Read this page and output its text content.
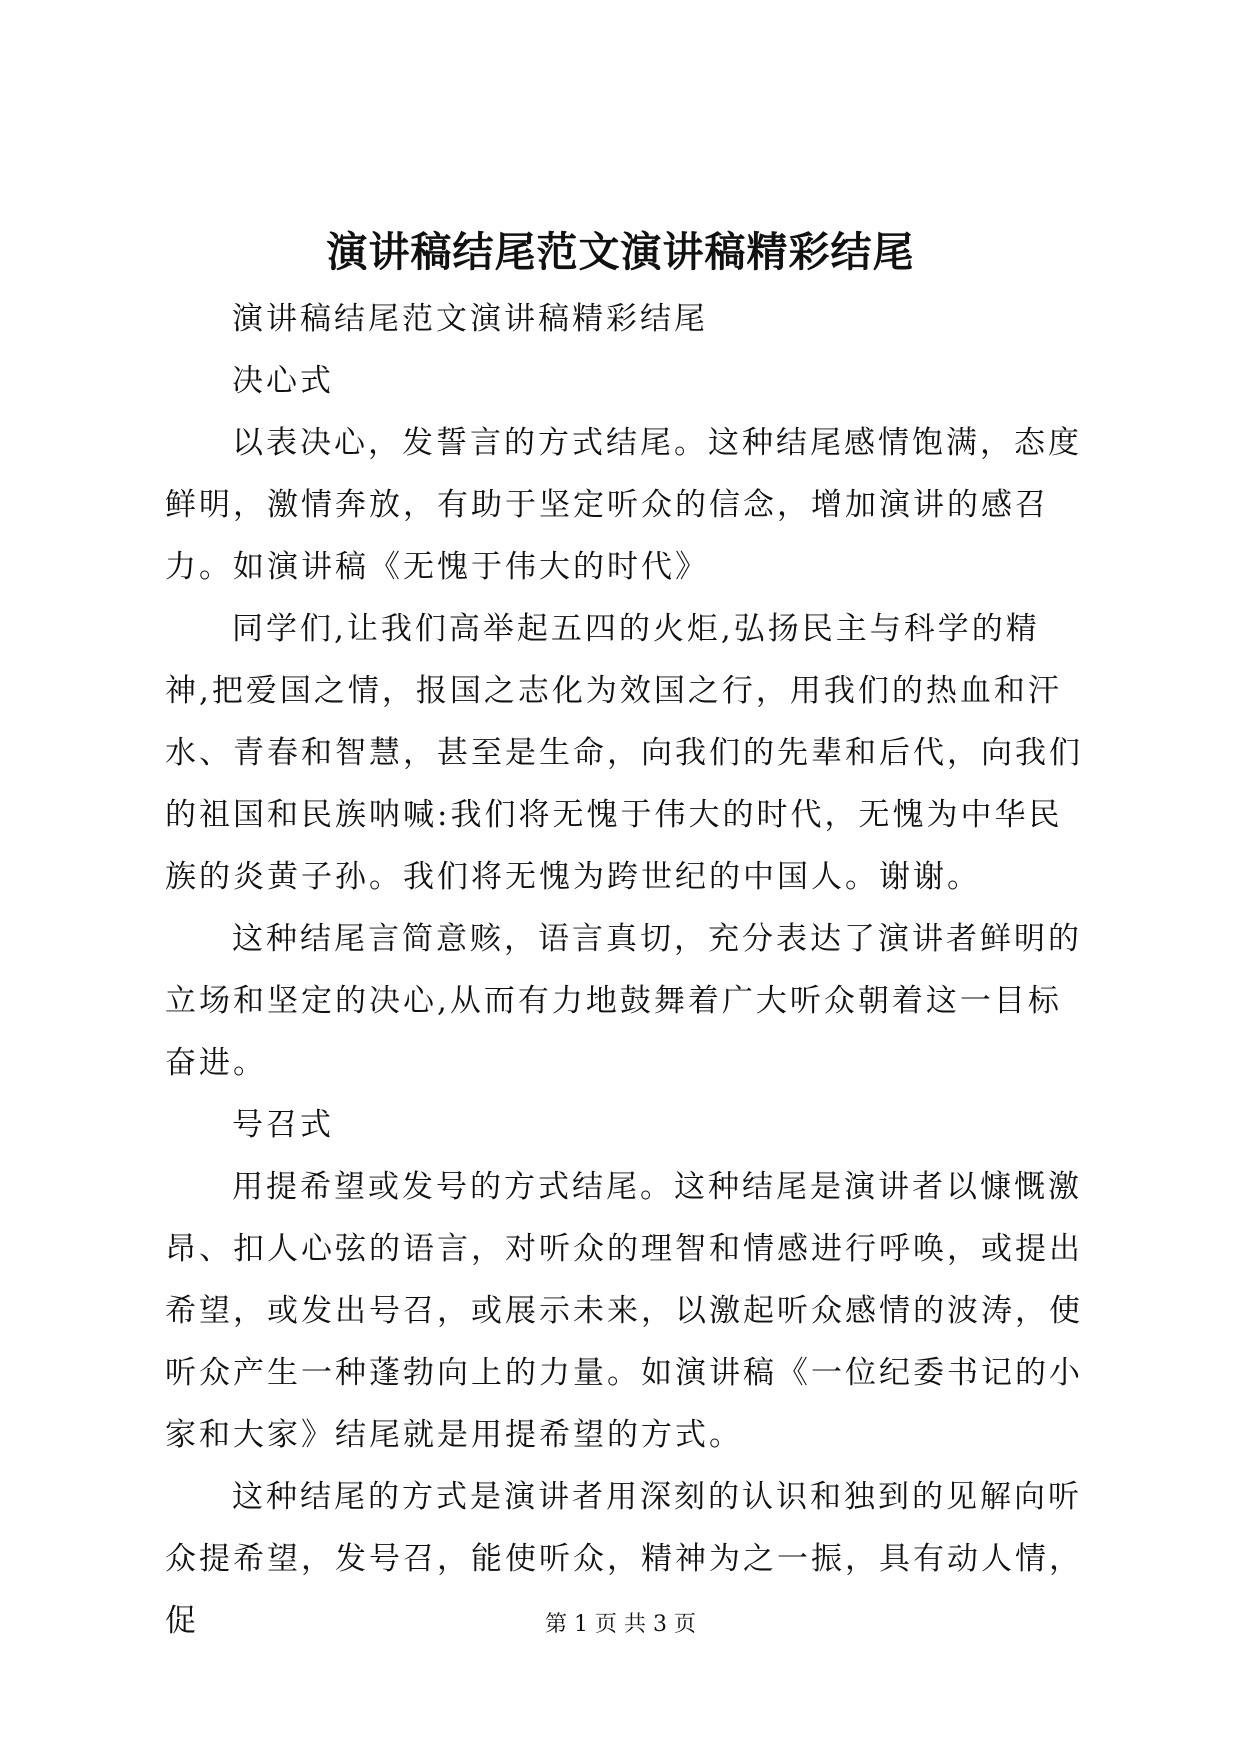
演讲稿结尾范文演讲稿精彩结尾

演讲稿结尾范文演讲稿精彩结尾

决心式

以表决心，发誓言的方式结尾。这种结尾感情饱满，态度鲜明，激情奔放，有助于坚定听众的信念，增加演讲的感召力。如演讲稿《无愧于伟大的时代》

同学们,让我们高举起五四的火炬,弘扬民主与科学的精神,把爱国之情，报国之志化为效国之行，用我们的热血和汗水、青春和智慧，甚至是生命，向我们的先辈和后代，向我们的祖国和民族呐喊:我们将无愧于伟大的时代，无愧为中华民族的炎黄子孙。我们将无愧为跨世纪的中国人。谢谢。

这种结尾言简意赅，语言真切，充分表达了演讲者鲜明的立场和坚定的决心,从而有力地鼓舞着广大听众朝着这一目标奋进。

号召式

用提希望或发号的方式结尾。这种结尾是演讲者以慷慨激昂、扣人心弦的语言，对听众的理智和情感进行呼唤，或提出希望，或发出号召，或展示未来，以激起听众感情的波涛，使听众产生一种蓬勃向上的力量。如演讲稿《一位纪委书记的小家和大家》结尾就是用提希望的方式。

这种结尾的方式是演讲者用深刻的认识和独到的见解向听众提希望，发号召，能使听众，精神为之一振，具有动人情，促	第 1 页 共 3 页
